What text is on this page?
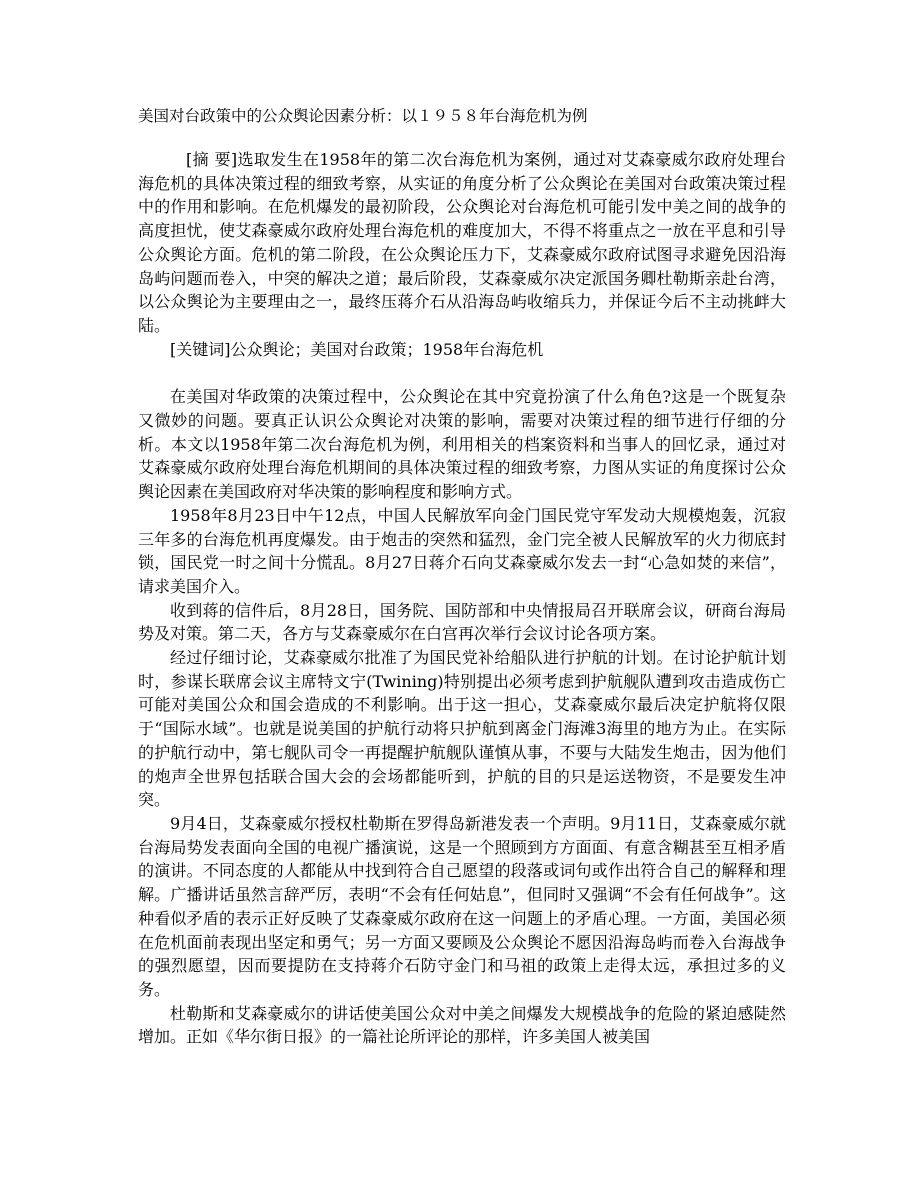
美国对台政策中的公众舆论因素分析：以１９５８年台海危机为例

[摘 要]选取发生在1958年的第二次台海危机为案例，通过对艾森豪威尔政府处理台海危机的具体决策过程的细致考察，从实证的角度分析了公众舆论在美国对台政策决策过程中的作用和影响。在危机爆发的最初阶段，公众舆论对台海危机可能引发中美之间的战争的高度担忧，使艾森豪威尔政府处理台海危机的难度加大，不得不将重点之一放在平息和引导公众舆论方面。危机的第二阶段，在公众舆论压力下，艾森豪威尔政府试图寻求避免因沿海岛屿问题而卷入，中突的解决之道；最后阶段，艾森豪威尔决定派国务卿杜勒斯亲赴台湾，以公众舆论为主要理由之一，最终压蒋介石从沿海岛屿收缩兵力，并保证今后不主动挑衅大陆。

[关键词]公众舆论；美国对台政策；1958年台海危机

在美国对华政策的决策过程中，公众舆论在其中究竟扮演了什么角色?这是一个既复杂又微妙的问题。要真正认识公众舆论对决策的影响，需要对决策过程的细节进行仔细的分析。本文以1958年第二次台海危机为例，利用相关的档案资料和当事人的回忆录，通过对艾森豪威尔政府处理台海危机期间的具体决策过程的细致考察，力图从实证的角度探讨公众舆论因素在美国政府对华决策的影响程度和影响方式。

1958年8月23日中午12点，中国人民解放军向金门国民党守军发动大规模炮轰，沉寂三年多的台海危机再度爆发。由于炮击的突然和猛烈，金门完全被人民解放军的火力彻底封锁，国民党一时之间十分慌乱。8月27日蒋介石向艾森豪威尔发去一封“心急如焚的来信”，请求美国介入。

收到蒋的信件后，8月28日，国务院、国防部和中央情报局召开联席会议，研商台海局势及对策。第二天，各方与艾森豪威尔在白宫再次举行会议讨论各项方案。

经过仔细讨论，艾森豪威尔批准了为国民党补给船队进行护航的计划。在讨论护航计划时，参谋长联席会议主席特文宁(Twining)特别提出必须考虑到护航舰队遭到攻击造成伤亡可能对美国公众和国会造成的不利影响。出于这一担心，艾森豪威尔最后决定护航将仅限于“国际水域”。也就是说美国的护航行动将只护航到离金门海滩3海里的地方为止。在实际的护航行动中，第七舰队司令一再提醒护航舰队谨慎从事，不要与大陆发生炮击，因为他们的炮声全世界包括联合国大会的会场都能听到，护航的目的只是运送物资，不是要发生冲突。

9月4日，艾森豪威尔授权杜勒斯在罗得岛新港发表一个声明。9月11日，艾森豪威尔就台海局势发表面向全国的电视广播演说，这是一个照顾到方方面面、有意含糊甚至互相矛盾的演讲。不同态度的人都能从中找到符合自己愿望的段落或词句或作出符合自己的解释和理解。广播讲话虽然言辞严厉，表明“不会有任何姑息”，但同时又强调“不会有任何战争”。这种看似矛盾的表示正好反映了艾森豪威尔政府在这一问题上的矛盾心理。一方面，美国必须在危机面前表现出坚定和勇气；另一方面又要顾及公众舆论不愿因沿海岛屿而卷入台海战争的强烈愿望，因而要提防在支持蒋介石防守金门和马祖的政策上走得太远，承担过多的义务。

杜勒斯和艾森豪威尔的讲话使美国公众对中美之间爆发大规模战争的危险的紧迫感陡然增加。正如《华尔街日报》的一篇社论所评论的那样，许多美国人被美国
